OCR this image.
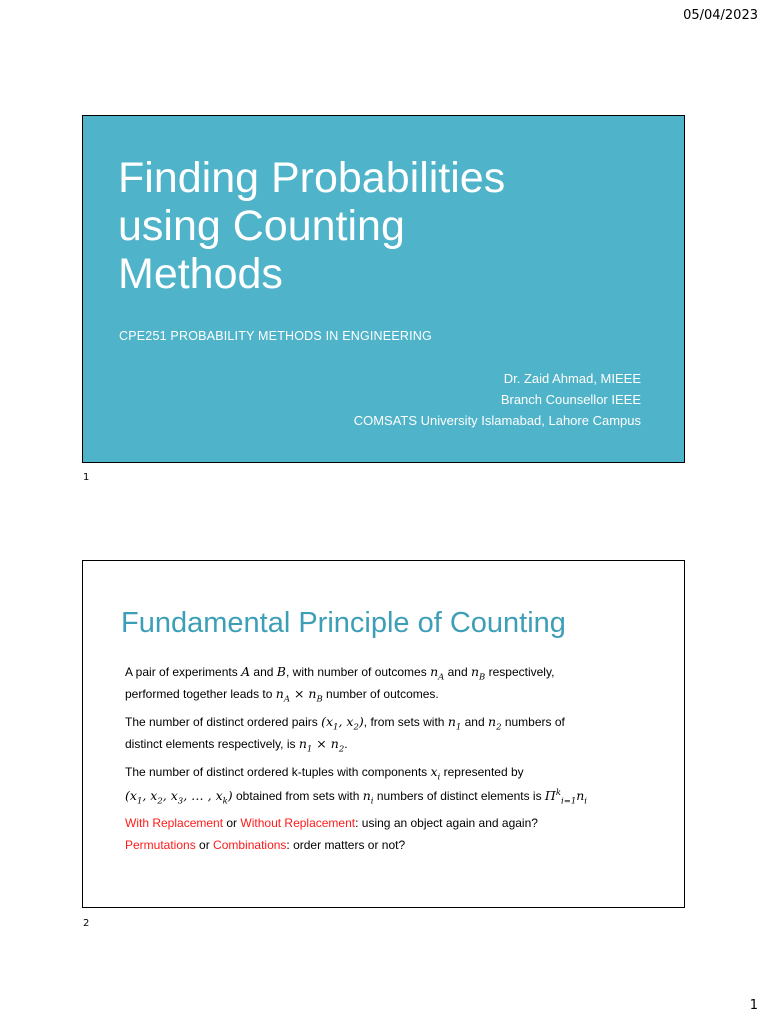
05/04/2023
Finding Probabilities
using Counting
Methods
CPE251 PROBABILITY METHODS IN ENGINEERING
Dr. Zaid Ahmad, MIEEE
Branch Counsellor IEEE
COMSATS University Islamabad, Lahore Campus
1
Fundamental Principle of Counting

A pair of experiments A and B, with number of outcomes $n_A$ and $n_B$ respectively,
performed together leads to $n_A \times n_B$ number of outcomes.

The number of distinct ordered pairs ($x_1$, $x_2$), from sets with $n_1$ and $n_2$ numbers of
distinct elements respectively, is $n_1 \times n_2$.

The number of distinct ordered k-tuples with components $x_i$ represented by
($x_1$, $x_2$, $x_3$, … , $x_k$) obtained from sets with $n_i$ numbers of distinct elements is $\Pi^k_{i=1}n_i$

With Replacement or Without Replacement: using an object again and again?

Permutations or Combinations: order matters or not?

2
1
